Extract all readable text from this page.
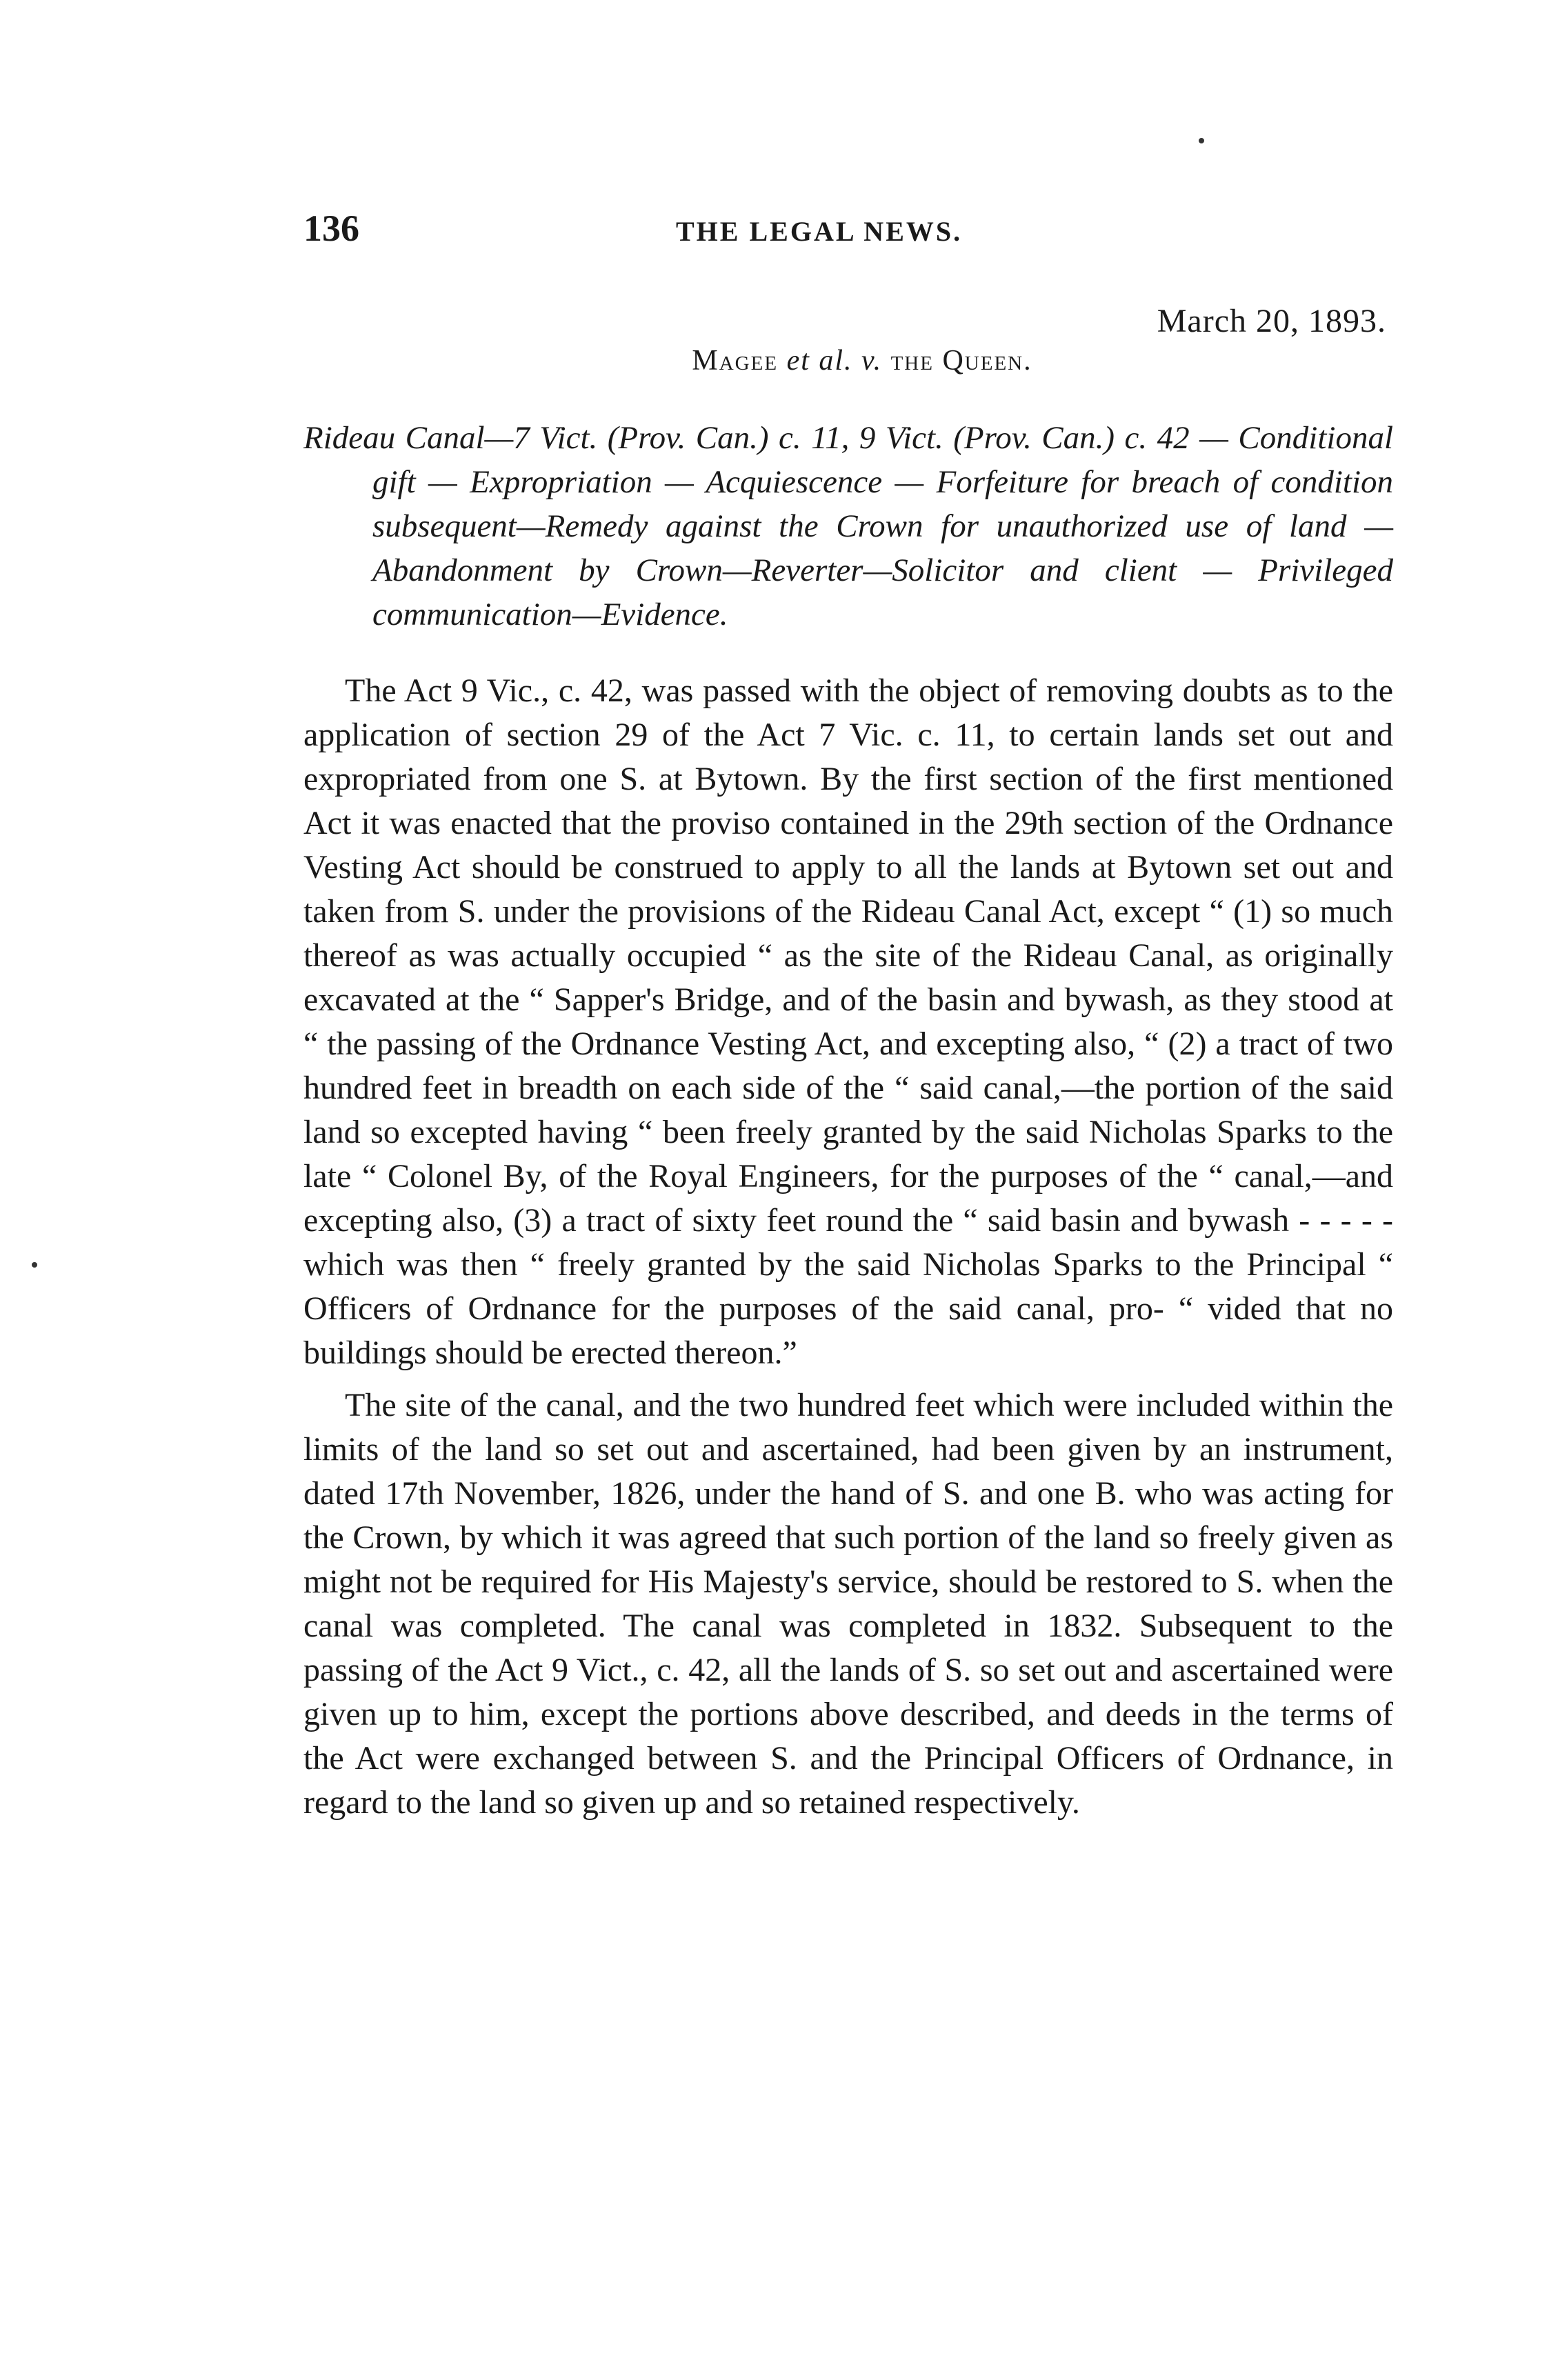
136	THE LEGAL NEWS.
March 20, 1893.
Magee et al. v. the Queen.

Rideau Canal—7 Vict. (Prov. Can.) c. 11, 9 Vict. (Prov. Can.) c. 42 — Conditional gift — Expropriation — Acquiescence — Forfeiture for breach of condition subsequent—Remedy against the Crown for unauthorized use of land —Abandonment by Crown—Reverter—Solicitor and client — Privileged communication—Evidence.

The Act 9 Vic., c. 42, was passed with the object of removing doubts as to the application of section 29 of the Act 7 Vic. c. 11, to certain lands set out and expropriated from one S. at Bytown. By the first section of the first mentioned Act it was enacted that the proviso contained in the 29th section of the Ordnance Vesting Act should be construed to apply to all the lands at Bytown set out and taken from S. under the provisions of the Rideau Canal Act, except “ (1) so much thereof as was actually occupied “ as the site of the Rideau Canal, as originally excavated at the “ Sapper's Bridge, and of the basin and bywash, as they stood at “ the passing of the Ordnance Vesting Act, and excepting also, “ (2) a tract of two hundred feet in breadth on each side of the “ said canal,—the portion of the said land so excepted having “ been freely granted by the said Nicholas Sparks to the late “ Colonel By, of the Royal Engineers, for the purposes of the “ canal,—and excepting also, (3) a tract of sixty feet round the “ said basin and bywash - - - - - which was then “ freely granted by the said Nicholas Sparks to the Principal “ Officers of Ordnance for the purposes of the said canal, pro- “ vided that no buildings should be erected thereon.”

The site of the canal, and the two hundred feet which were included within the limits of the land so set out and ascertained, had been given by an instrument, dated 17th November, 1826, under the hand of S. and one B. who was acting for the Crown, by which it was agreed that such portion of the land so freely given as might not be required for His Majesty's service, should be restored to S. when the canal was completed. The canal was completed in 1832. Subsequent to the passing of the Act 9 Vict., c. 42, all the lands of S. so set out and ascertained were given up to him, except the portions above described, and deeds in the terms of the Act were exchanged between S. and the Principal Officers of Ordnance, in regard to the land so given up and so retained respectively.
